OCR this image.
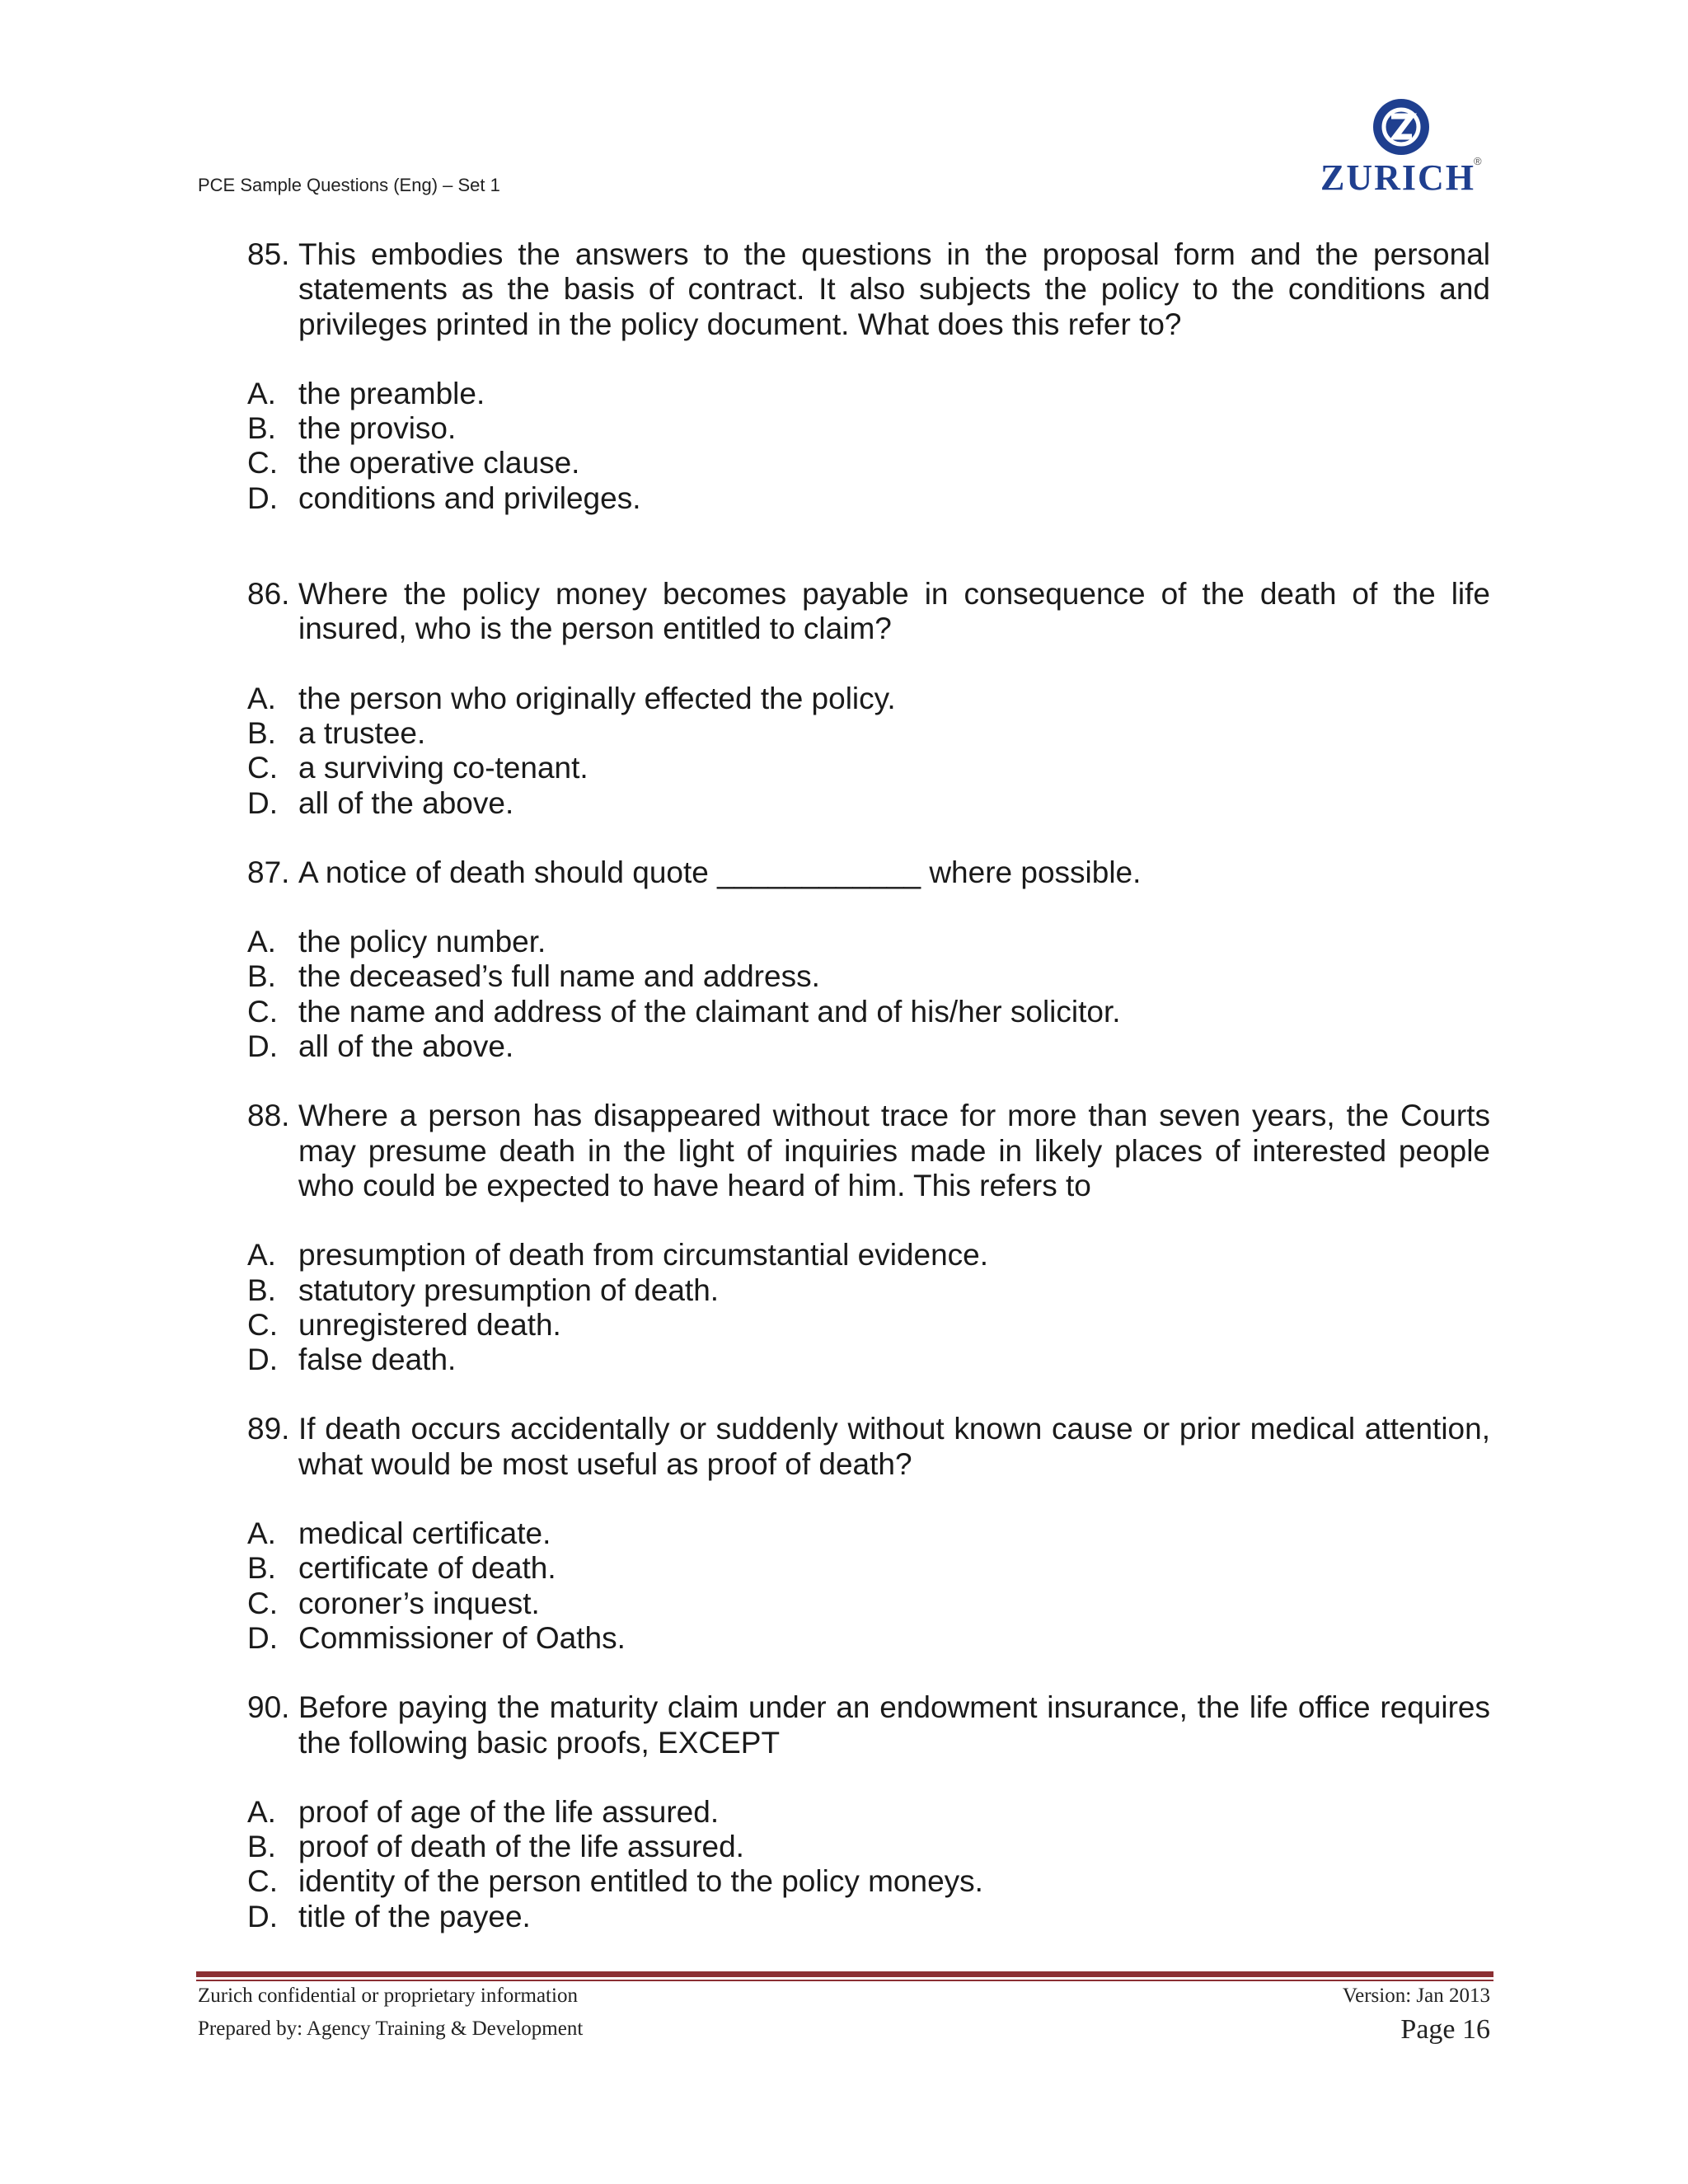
PCE Sample Questions (Eng) – Set 1	ZURICH
®
85. This embodies the answers to the questions in the proposal form and the personal statements as the basis of contract. It also subjects the policy to the conditions and privileges printed in the policy document. What does this refer to?
A. the preamble.
B. the proviso.
C. the operative clause.
D. conditions and privileges.
86. Where the policy money becomes payable in consequence of the death of the life insured, who is the person entitled to claim?
A. the person who originally effected the policy.
B. a trustee.
C. a surviving co-tenant.
D. all of the above.
87. A notice of death should quote ____________ where possible.
A. the policy number.
B. the deceased’s full name and address.
C. the name and address of the claimant and of his/her solicitor.
D. all of the above.
88. Where a person has disappeared without trace for more than seven years, the Courts may presume death in the light of inquiries made in likely places of interested people who could be expected to have heard of him. This refers to
A. presumption of death from circumstantial evidence.
B. statutory presumption of death.
C. unregistered death.
D. false death.
89. If death occurs accidentally or suddenly without known cause or prior medical attention, what would be most useful as proof of death?
A. medical certificate.
B. certificate of death.
C. coroner’s inquest.
D. Commissioner of Oaths.
90. Before paying the maturity claim under an endowment insurance, the life office requires the following basic proofs, EXCEPT
A. proof of age of the life assured.
B. proof of death of the life assured.
C. identity of the person entitled to the policy moneys.
D. title of the payee.
Zurich confidential or proprietary information	Version: Jan 2013
Prepared by: Agency Training & Development	Page 16
